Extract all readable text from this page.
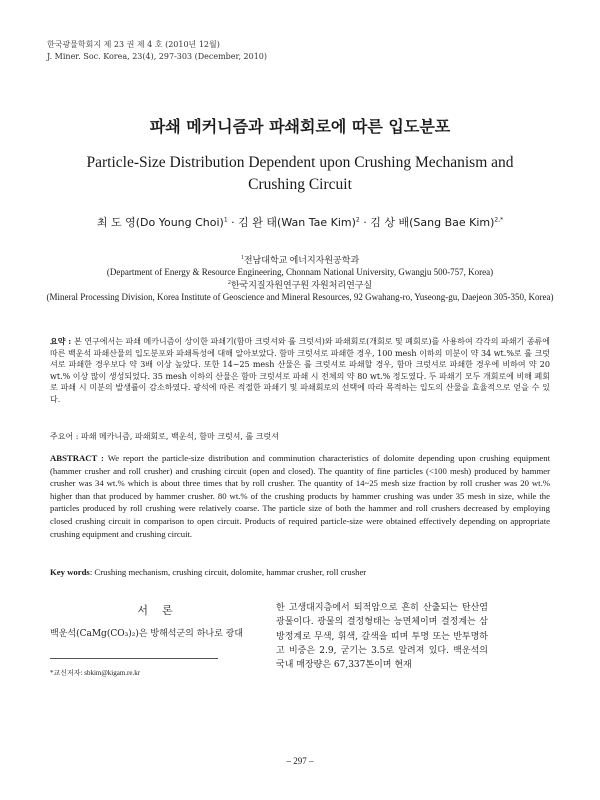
한국광물학회지 제 23 권 제 4 호 (2010년 12월)
J. Miner. Soc. Korea, 23(4), 297-303 (December, 2010)
파쇄 메커니즘과 파쇄회로에 따른 입도분포
Particle-Size Distribution Dependent upon Crushing Mechanism and Crushing Circuit
최 도 영(Do Young Choi)$^1$ · 김 완 태(Wan Tae Kim)$^2$ · 김 상 배(Sang Bae Kim)$^{2,*}$
$^1$전남대학교 에너지자원공학과
(Department of Energy & Resource Engineering, Chonnam National University, Gwangju 500-757, Korea)
$^2$한국지질자원연구원 자원처리연구실
(Mineral Processing Division, Korea Institute of Geoscience and Mineral Resources, 92 Gwahang-ro, Yuseong-gu, Daejeon 305-350, Korea)
요약 : 본 연구에서는 파쇄 메카니즘이 상이한 파쇄기(함마 크럿셔와 롤 크럿셔)와 파쇄회로(개회로 및 폐회로)를 사용하여 각각의 파쇄기 종류에 따른 백운석 파쇄산물의 입도분포와 파쇄특성에 대해 알아보았다. 함마 크럿셔로 파쇄한 경우, 100 mesh 이하의 미분이 약 34 wt.%로 롤 크럿셔로 파쇄한 경우보다 약 3배 이상 높았다. 또한 14~25 mesh 산물은 롤 크럿셔로 파쇄할 경우, 함마 크럿셔로 파쇄한 경우에 비하여 약 20 wt.% 이상 많이 생성되었다. 35 mesh 이하의 산물은 함마 크럿셔로 파쇄 시 전체의 약 80 wt.% 정도였다. 두 파쇄기 모두 개회로에 비해 폐회로 파쇄 시 미분의 발생률이 감소하였다. 광석에 따른 적절한 파쇄기 및 파쇄회로의 선택에 따라 목적하는 입도의 산물을 효율적으로 얻을 수 있다.
주요어 : 파쇄 메카니즘, 파쇄회로, 백운석, 함마 크럿셔, 롤 크럿셔
ABSTRACT : We report the particle-size distribution and comminution characteristics of dolomite depending upon crushing equipment (hammer crusher and roll crusher) and crushing circuit (open and closed). The quantity of fine particles (<100 mesh) produced by hammer crusher was 34 wt.% which is about three times that by roll crusher. The quantity of 14~25 mesh size fraction by roll crusher was 20 wt.% higher than that produced by hammer crusher. 80 wt.% of the crushing products by hammer crushing was under 35 mesh in size, while the particles produced by roll crushing were relatively coarse. The particle size of both the hammer and roll crushers decreased by employing closed crushing circuit in comparison to open circuit. Products of required particle-size were obtained effectively depending on appropriate crushing equipment and crushing circuit.
Key words: Crushing mechanism, crushing circuit, dolomite, hammar crusher, roll crusher
서론
백운석(CaMg(CO₃)₂)은 방해석군의 하나로 광대
*교신저자: sbkim@kigam.re.kr
한 고생대지층에서 퇴적암으로 흔히 산출되는 탄산염광물이다. 광물의 결정형태는 능면체이며 결정계는 삼방정계로 무색, 휘색, 갈색을 띠며 투명 또는 반투명하고 비중은 2.9, 굳기는 3.5로 알려져 있다. 백운석의 국내 매장량은 67,337톤이며 현재
– 297 –
